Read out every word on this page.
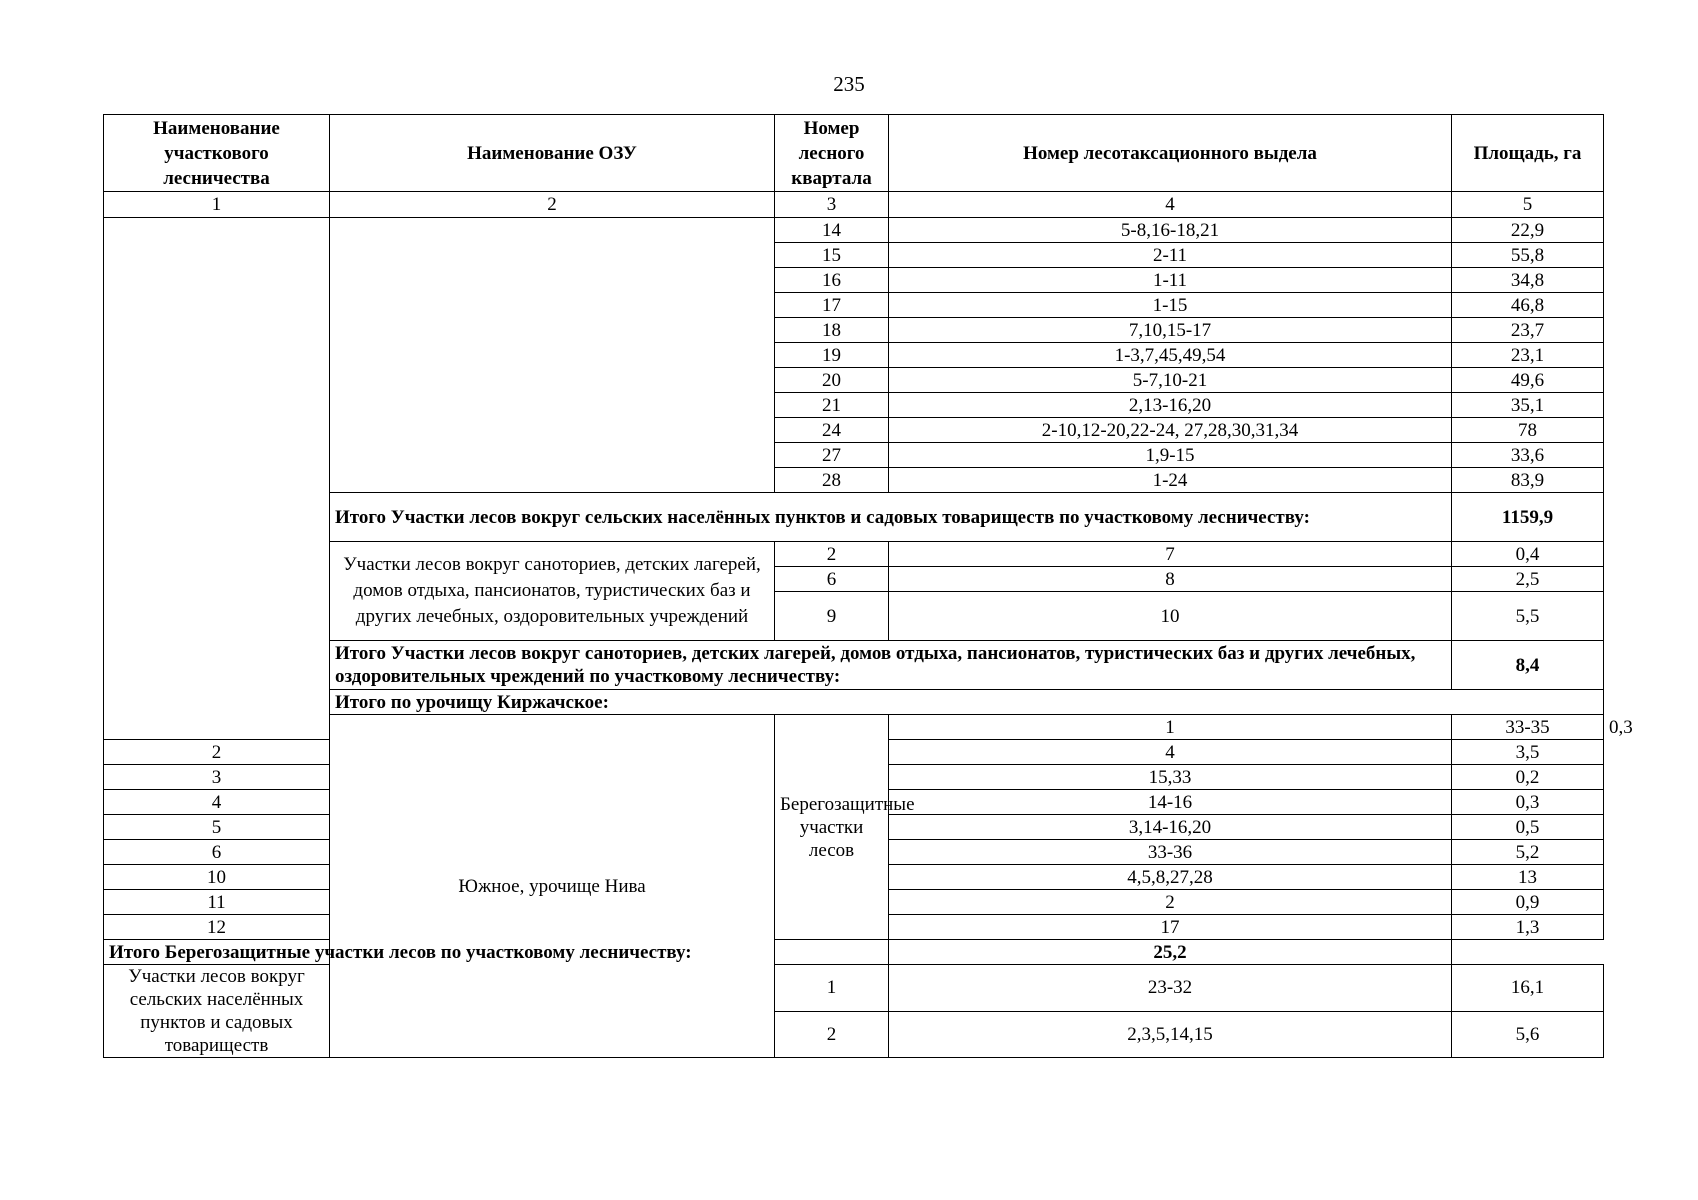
235
Наименование участкового лесничества	Наименование ОЗУ	Номер лесного квартала	Номер лесотаксационного выдела	Площадь, га	
1	2	3	4	5	
		14	5-8,16-18,21	22,9	
		15	2-11	55,8	
		16	1-11	34,8	
		17	1-15	46,8	
		18	7,10,15-17	23,7	
		19	1-3,7,45,49,54	23,1	
		20	5-7,10-21	49,6	
		21	2,13-16,20	35,1	
		24	2-10,12-20,22-24, 27,28,30,31,34	78	
		27	1,9-15	33,6	
		28	1-24	83,9	
	Итого Участки лесов вокруг сельских населённых пунктов и садовых товариществ по участковому лесничеству:			1159,9	
	Участки лесов вокруг санoториев, детских лагерей, домов отдыха, пансионатов, туристических баз и других лечебных, оздоровительных учреждений	2	7	0,4	
		6	8	2,5	
		9	10	5,5	
	Итого Участки лесов вокруг санoториев, детских лагерей, домов отдыха, пансионатов, туристических баз и других лечебных, оздоровительных чреждений по участковому лесничеству:			8,4	
	Итого по урочищу Киржачское:				
	Южное, урочище Нива	Берегозащитные участки лесов	1	33-35	0,3
2			4	3,5	
3			15,33	0,2	
4			14-16	0,3	
5			3,14-16,20	0,5	
6			33-36	5,2	
10			4,5,8,27,28	13	
11			2	0,9	
12			17	1,3	
Итого Берегозащитные участки лесов по участковому лесничеству:			25,2		
Участки лесов вокруг сельских населённых пунктов и садовых товариществ		1	23-32	16,1	
		2	2,3,5,14,15	5,6	
